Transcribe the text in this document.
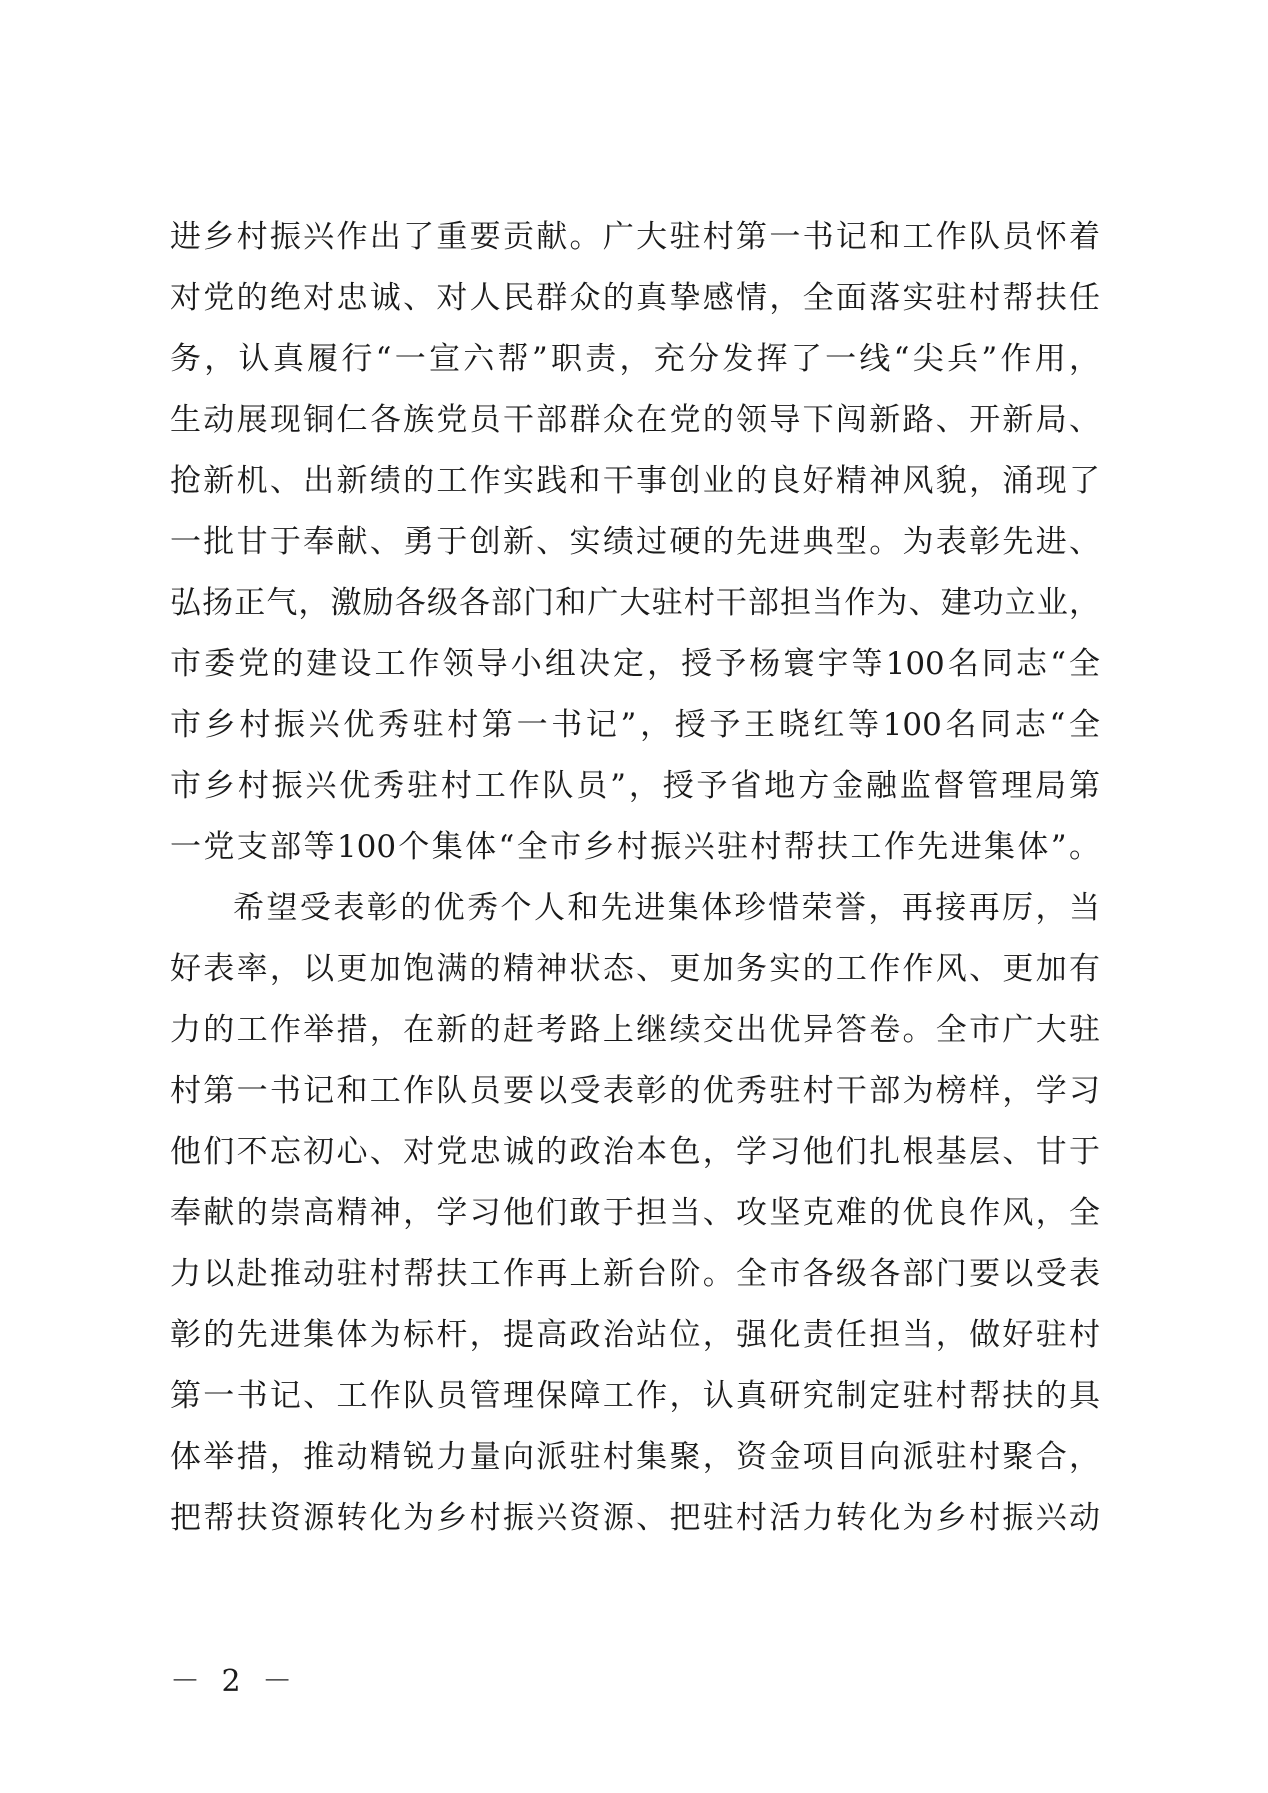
进乡村振兴作出了重要贡献。广大驻村第一书记和工作队员怀着
对党的绝对忠诚、对人民群众的真挚感情，全面落实驻村帮扶任
务，认真履行“一宣六帮”职责，充分发挥了一线“尖兵”作用，
生动展现铜仁各族党员干部群众在党的领导下闯新路、开新局、
抢新机、出新绩的工作实践和干事创业的良好精神风貌，涌现了
一批甘于奉献、勇于创新、实绩过硬的先进典型。为表彰先进、
弘扬正气，激励各级各部门和广大驻村干部担当作为、建功立业，
市委党的建设工作领导小组决定，授予杨寰宇等100名同志“全
市乡村振兴优秀驻村第一书记”，授予王晓红等100名同志“全
市乡村振兴优秀驻村工作队员”，授予省地方金融监督管理局第
一党支部等100个集体“全市乡村振兴驻村帮扶工作先进集体”。
希望受表彰的优秀个人和先进集体珍惜荣誉，再接再厉，当
好表率，以更加饱满的精神状态、更加务实的工作作风、更加有
力的工作举措，在新的赶考路上继续交出优异答卷。全市广大驻
村第一书记和工作队员要以受表彰的优秀驻村干部为榜样，学习
他们不忘初心、对党忠诚的政治本色，学习他们扎根基层、甘于
奉献的崇高精神，学习他们敢于担当、攻坚克难的优良作风，全
力以赴推动驻村帮扶工作再上新台阶。全市各级各部门要以受表
彰的先进集体为标杆，提高政治站位，强化责任担当，做好驻村
第一书记、工作队员管理保障工作，认真研究制定驻村帮扶的具
体举措，推动精锐力量向派驻村集聚，资金项目向派驻村聚合，
把帮扶资源转化为乡村振兴资源、把驻村活力转化为乡村振兴动
－ 2 －
